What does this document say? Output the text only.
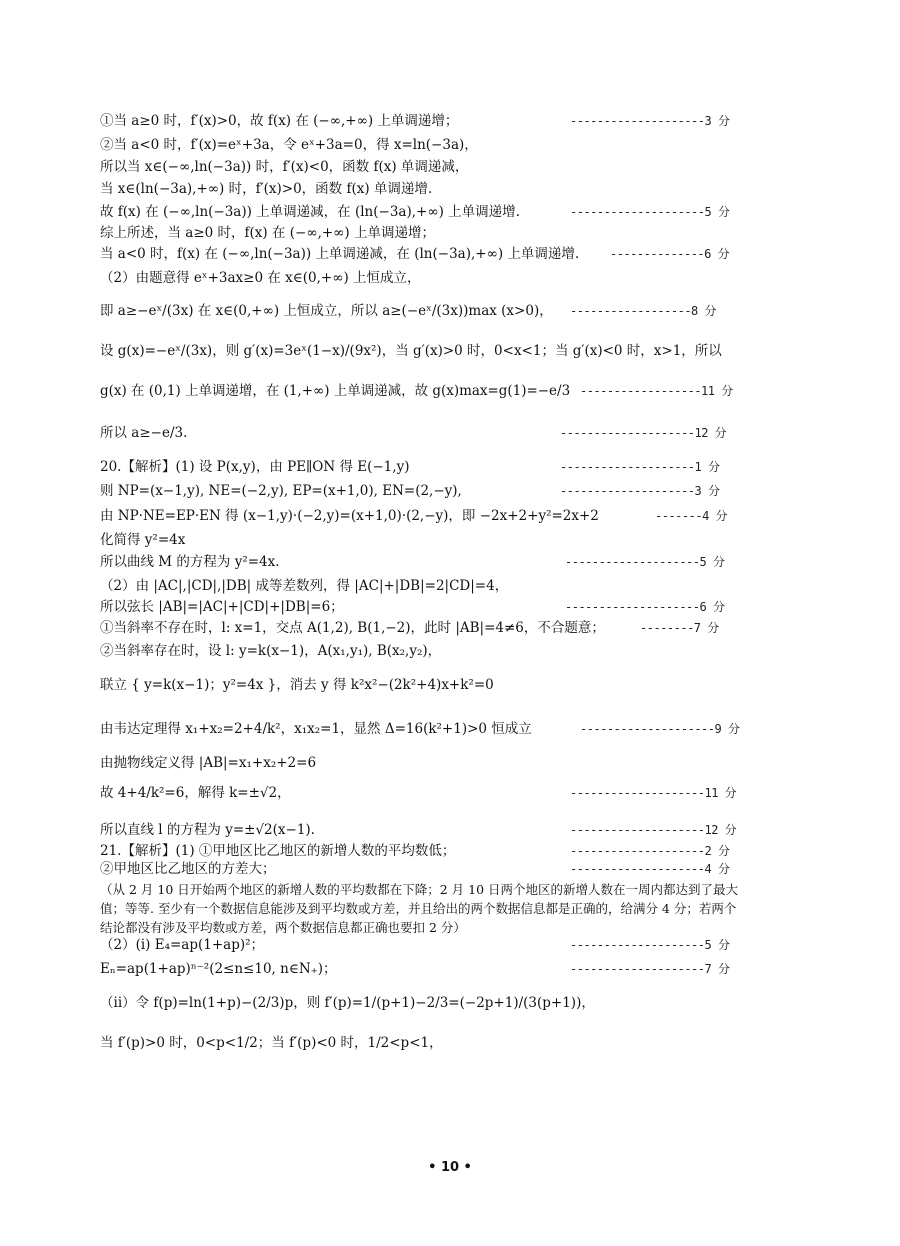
①当 a≥0 时，f′(x)>0，故 f(x) 在 (−∞,+∞) 上单调递增；	--------------------3 分
②当 a<0 时，f′(x)=eˣ+3a，令 eˣ+3a=0，得 x=ln(−3a)，
所以当 x∈(−∞,ln(−3a)) 时，f′(x)<0，函数 f(x) 单调递减，
当 x∈(ln(−3a),+∞) 时，f′(x)>0，函数 f(x) 单调递增.
故 f(x) 在 (−∞,ln(−3a)) 上单调递减，在 (ln(−3a),+∞) 上单调递增.	--------------------5 分
综上所述，当 a≥0 时，f(x) 在 (−∞,+∞) 上单调递增；
当 a<0 时，f(x) 在 (−∞,ln(−3a)) 上单调递减，在 (ln(−3a),+∞) 上单调递增.	--------------6 分
（2）由题意得 eˣ+3ax≥0 在 x∈(0,+∞) 上恒成立，
即 a≥−eˣ/(3x) 在 x∈(0,+∞) 上恒成立，所以 a≥(−eˣ/(3x))max (x>0)， ------------------8 分
设 g(x)=−eˣ/(3x)，则 g′(x)=3eˣ(1−x)/(9x²)，当 g′(x)>0 时，0<x<1；当 g′(x)<0 时，x>1，所以
g(x) 在 (0,1) 上单调递增，在 (1,+∞) 上单调递减，故 g(x)max=g(1)=−e/3 ------------------11 分
所以 a≥−e/3.	--------------------12 分
20.【解析】(1) 设 P(x,y)，由 PE∥ON 得 E(−1,y)	--------------------1 分
则 NP=(x−1,y), NE=(−2,y), EP=(x+1,0), EN=(2,−y),	--------------------3 分
由 NP·NE=EP·EN 得 (x−1,y)·(−2,y)=(x+1,0)·(2,−y)，即 −2x+2+y²=2x+2	-------4 分
化简得 y²=4x
所以曲线 M 的方程为 y²=4x.	--------------------5 分
（2）由 |AC|,|CD|,|DB| 成等差数列，得 |AC|+|DB|=2|CD|=4，
所以弦长 |AB|=|AC|+|CD|+|DB|=6；	--------------------6 分
①当斜率不存在时，l: x=1，交点 A(1,2), B(1,−2)，此时 |AB|=4≠6，不合题意；	--------7 分
②当斜率存在时，设 l: y=k(x−1)，A(x₁,y₁), B(x₂,y₂)，
联立 { y=k(x−1)；y²=4x }，消去 y 得 k²x²−(2k²+4)x+k²=0
由韦达定理得 x₁+x₂=2+4/k²，x₁x₂=1，显然 Δ=16(k²+1)>0 恒成立	--------------------9 分
由抛物线定义得 |AB|=x₁+x₂+2=6
故 4+4/k²=6，解得 k=±√2，	--------------------11 分
所以直线 l 的方程为 y=±√2(x−1).	--------------------12 分
21.【解析】(1) ①甲地区比乙地区的新增人数的平均数低；	--------------------2 分
②甲地区比乙地区的方差大；	--------------------4 分
（从 2 月 10 日开始两个地区的新增人数的平均数都在下降；2 月 10 日两个地区的新增人数在一周内都达到了最大值；等等. 至少有一个数据信息能涉及到平均数或方差，并且给出的两个数据信息都是正确的，给满分 4 分；若两个结论都没有涉及平均数或方差，两个数据信息都正确也要扣 2 分）
（2）(i) E₄=ap(1+ap)²；	--------------------5 分
Eₙ=ap(1+ap)ⁿ⁻²(2≤n≤10, n∈N₊)；	--------------------7 分
（ii）令 f(p)=ln(1+p)−(2/3)p，则 f′(p)=1/(p+1)−2/3=(−2p+1)/(3(p+1))，
当 f′(p)>0 时，0<p<1/2；当 f′(p)<0 时，1/2<p<1，
• 10 •
